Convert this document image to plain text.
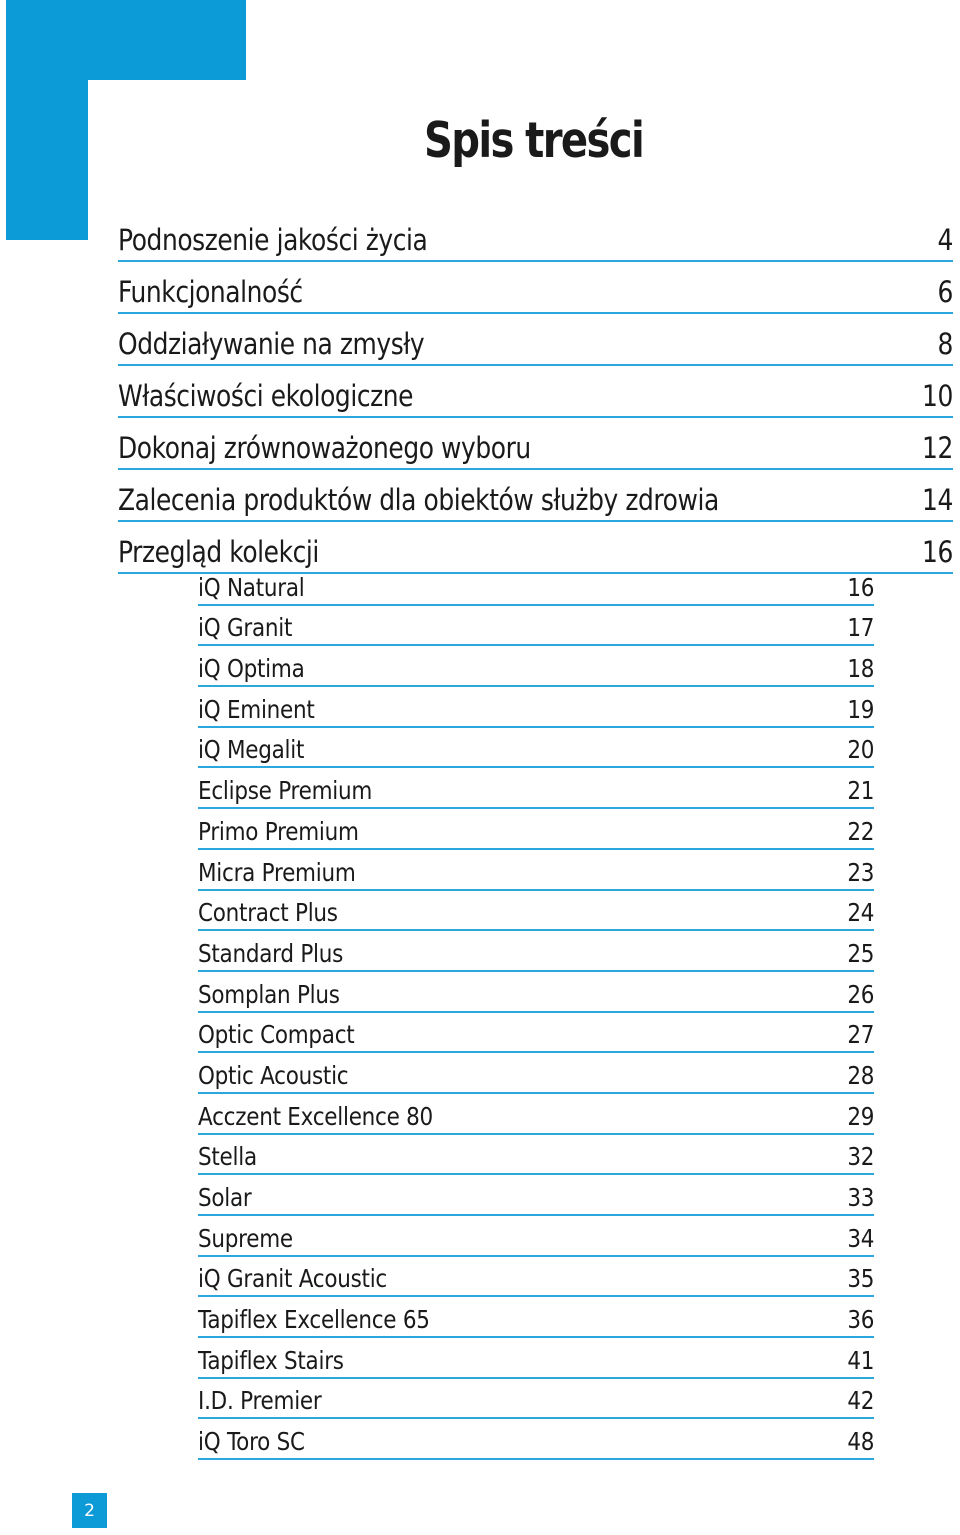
Spis treści
Podnoszenie jakości życia	4
Funkcjonalność	6
Oddziaływanie na zmysły	8
Właściwości ekologiczne	10
Dokonaj zrównoważonego wyboru	12
Zalecenia produktów dla obiektów służby zdrowia	14
Przegląd kolekcji	16
iQ Natural	16
iQ Granit	17
iQ Optima	18
iQ Eminent	19
iQ Megalit	20
Eclipse Premium	21
Primo Premium	22
Micra Premium	23
Contract Plus	24
Standard Plus	25
Somplan Plus	26
Optic Compact	27
Optic Acoustic	28
Acczent Excellence 80	29
Stella	32
Solar	33
Supreme	34
iQ Granit Acoustic	35
Tapiflex Excellence 65	36
Tapiflex Stairs	41
I.D. Premier	42
iQ Toro SC	48
2
